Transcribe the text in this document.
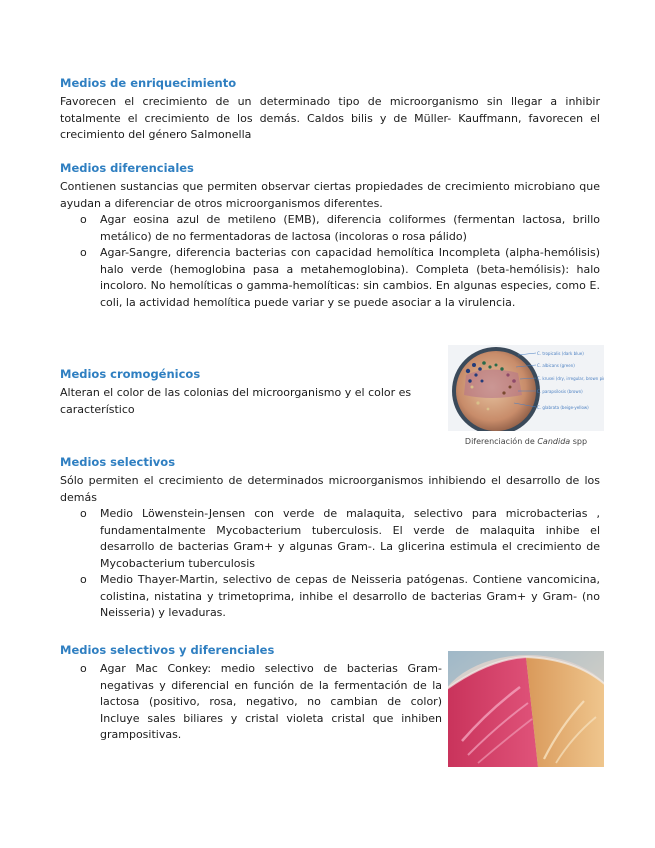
Medios de enriquecimiento

Favorecen el crecimiento de un determinado tipo de microorganismo sin llegar a inhibir totalmente el crecimiento de los demás. Caldos bilis y de Müller- Kauffmann, favorecen el crecimiento del género Salmonella

Medios diferenciales

Contienen sustancias que permiten observar ciertas propiedades de crecimiento microbiano que ayudan a diferenciar de otros microorganismos diferentes.

o Agar eosina azul de metileno (EMB), diferencia coliformes (fermentan lactosa, brillo metálico) de no fermentadoras de lactosa (incoloras o rosa pálido)
o Agar-Sangre, diferencia bacterias con capacidad hemolítica Incompleta (alpha-hemólisis) halo verde (hemoglobina pasa a metahemoglobina). Completa (beta-hemólisis): halo incoloro. No hemolíticas o gamma-hemolíticas: sin cambios. En algunas especies, como E. coli, la actividad hemolítica puede variar y se puede asociar a la virulencia.
Medios cromogénicos

Alteran el color de las colonias del microorganismo y el color es característico

C. tropicalis (dark blue)
C. albicans (green)
C. krusei (dry, irregular, brown pink)
C. parapsilosis (brown)
C. glabrata (beige-yellow)
Diferenciación de Candida spp
Medios selectivos

Sólo permiten el crecimiento de determinados microorganismos inhibiendo el desarrollo de los demás

o Medio Löwenstein-Jensen con verde de malaquita, selectivo para microbacterias , fundamentalmente Mycobacterium tuberculosis. El verde de malaquita inhibe el desarrollo de bacterias Gram+ y algunas Gram-. La glicerina estimula el crecimiento de Mycobacterium tuberculosis
o Medio Thayer-Martin, selectivo de cepas de Neisseria patógenas. Contiene vancomicina, colistina, nistatina y trimetoprima, inhibe el desarrollo de bacterias Gram+ y Gram- (no Neisseria) y levaduras.
Medios selectivos y diferenciales
o Agar Mac Conkey: medio selectivo de bacterias Gram-negativas y diferencial en función de la fermentación de la lactosa (positivo, rosa, negativo, no cambian de color) Incluye sales biliares y cristal violeta cristal que inhiben grampositivas.
